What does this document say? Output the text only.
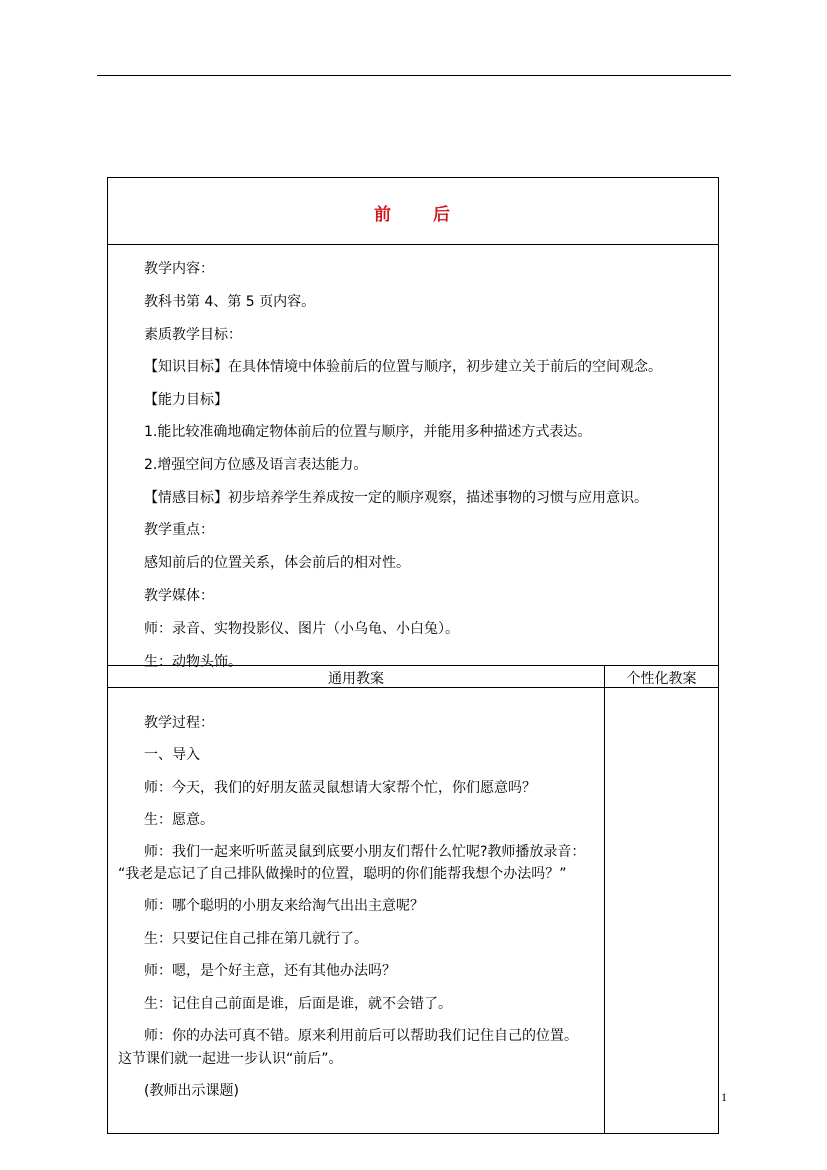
前 后
教学内容：
教科书第 4、第 5 页内容。
素质教学目标：
【知识目标】在具体情境中体验前后的位置与顺序，初步建立关于前后的空间观念。
【能力目标】
1.能比较准确地确定物体前后的位置与顺序，并能用多种描述方式表达。
2.增强空间方位感及语言表达能力。
【情感目标】初步培养学生养成按一定的顺序观察，描述事物的习惯与应用意识。
教学重点：
感知前后的位置关系，体会前后的相对性。
教学媒体：
师：录音、实物投影仪、图片（小乌龟、小白兔）。
生：动物头饰。
通用教案	个性化教案
教学过程：
一、导入
师：今天，我们的好朋友蓝灵鼠想请大家帮个忙，你们愿意吗？
生：愿意。
师：我们一起来听听蓝灵鼠到底要小朋友们帮什么忙呢?教师播放录音：
“我老是忘记了自己排队做操时的位置，聪明的你们能帮我想个办法吗？”
师：哪个聪明的小朋友来给淘气出出主意呢？
生：只要记住自己排在第几就行了。
师：嗯，是个好主意，还有其他办法吗？
生：记住自己前面是谁，后面是谁，就不会错了。
师：你的办法可真不错。原来利用前后可以帮助我们记住自己的位置。
这节课们就一起进一步认识“前后”。
(教师出示课题)	1
